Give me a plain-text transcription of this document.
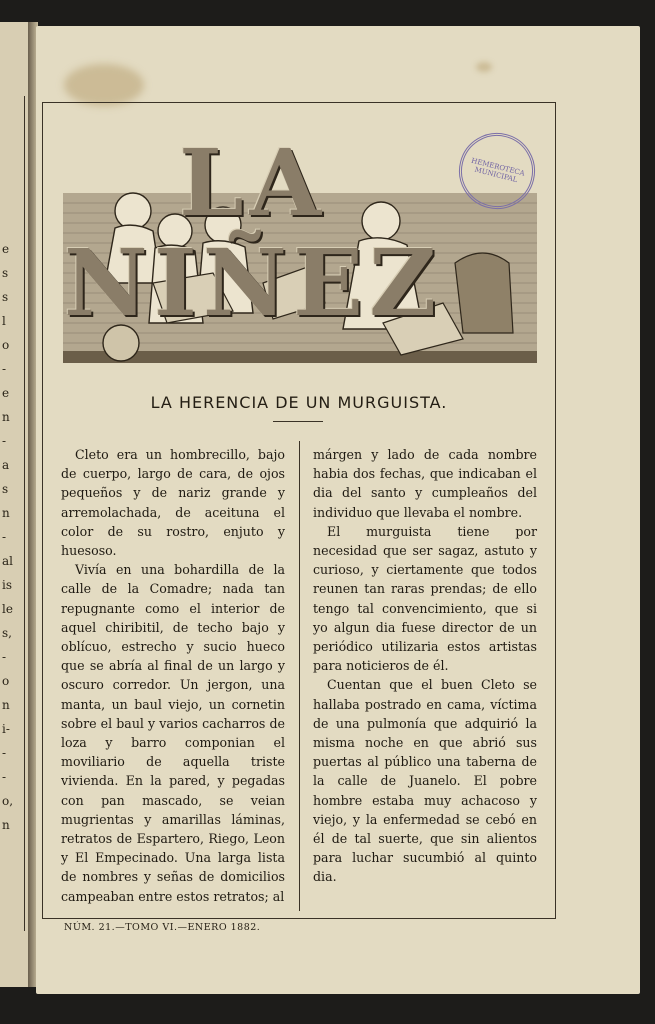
e
s
s
l
o
-
e
n
-
a
s
n
-
al
is
le
s,
-
o
n
i-
-
-
o,
n
LA NIÑEZ
HEMEROTECA MUNICIPAL
LA HERENCIA DE UN MURGUISTA.

Cleto era un hombrecillo, bajo de cuerpo, largo de cara, de ojos pequeños y de nariz grande y arremolachada, de aceituna el color de su rostro, enjuto y huesoso.

Vivía en una bohardilla de la calle de la Comadre; nada tan repugnante como el interior de aquel chiribitil, de techo bajo y oblícuo, estrecho y sucio hueco que se abría al final de un largo y oscuro corredor. Un jergon, una manta, un baul viejo, un cornetin sobre el baul y varios cacharros de loza y barro componian el moviliario de aquella triste vivienda. En la pared, y pegadas con pan mascado, se veian mugrientas y amarillas láminas, retratos de Espartero, Riego, Leon y El Empecinado. Una larga lista de nombres y señas de domicilios campeaban entre estos retratos; al

márgen y lado de cada nombre habia dos fechas, que indicaban el dia del santo y cumpleaños del individuo que llevaba el nombre.

El murguista tiene por necesidad que ser sagaz, astuto y curioso, y ciertamente que todos reunen tan raras prendas; de ello tengo tal convencimiento, que si yo algun dia fuese director de un periódico utilizaria estos artistas para noticieros de él.

Cuentan que el buen Cleto se hallaba postrado en cama, víctima de una pulmonía que adquirió la misma noche en que abrió sus puertas al público una taberna de la calle de Juanelo. El pobre hombre estaba muy achacoso y viejo, y la enfermedad se cebó en él de tal suerte, que sin alientos para luchar sucumbió al quinto dia.

NÚM. 21.—TOMO VI.—ENERO 1882.
